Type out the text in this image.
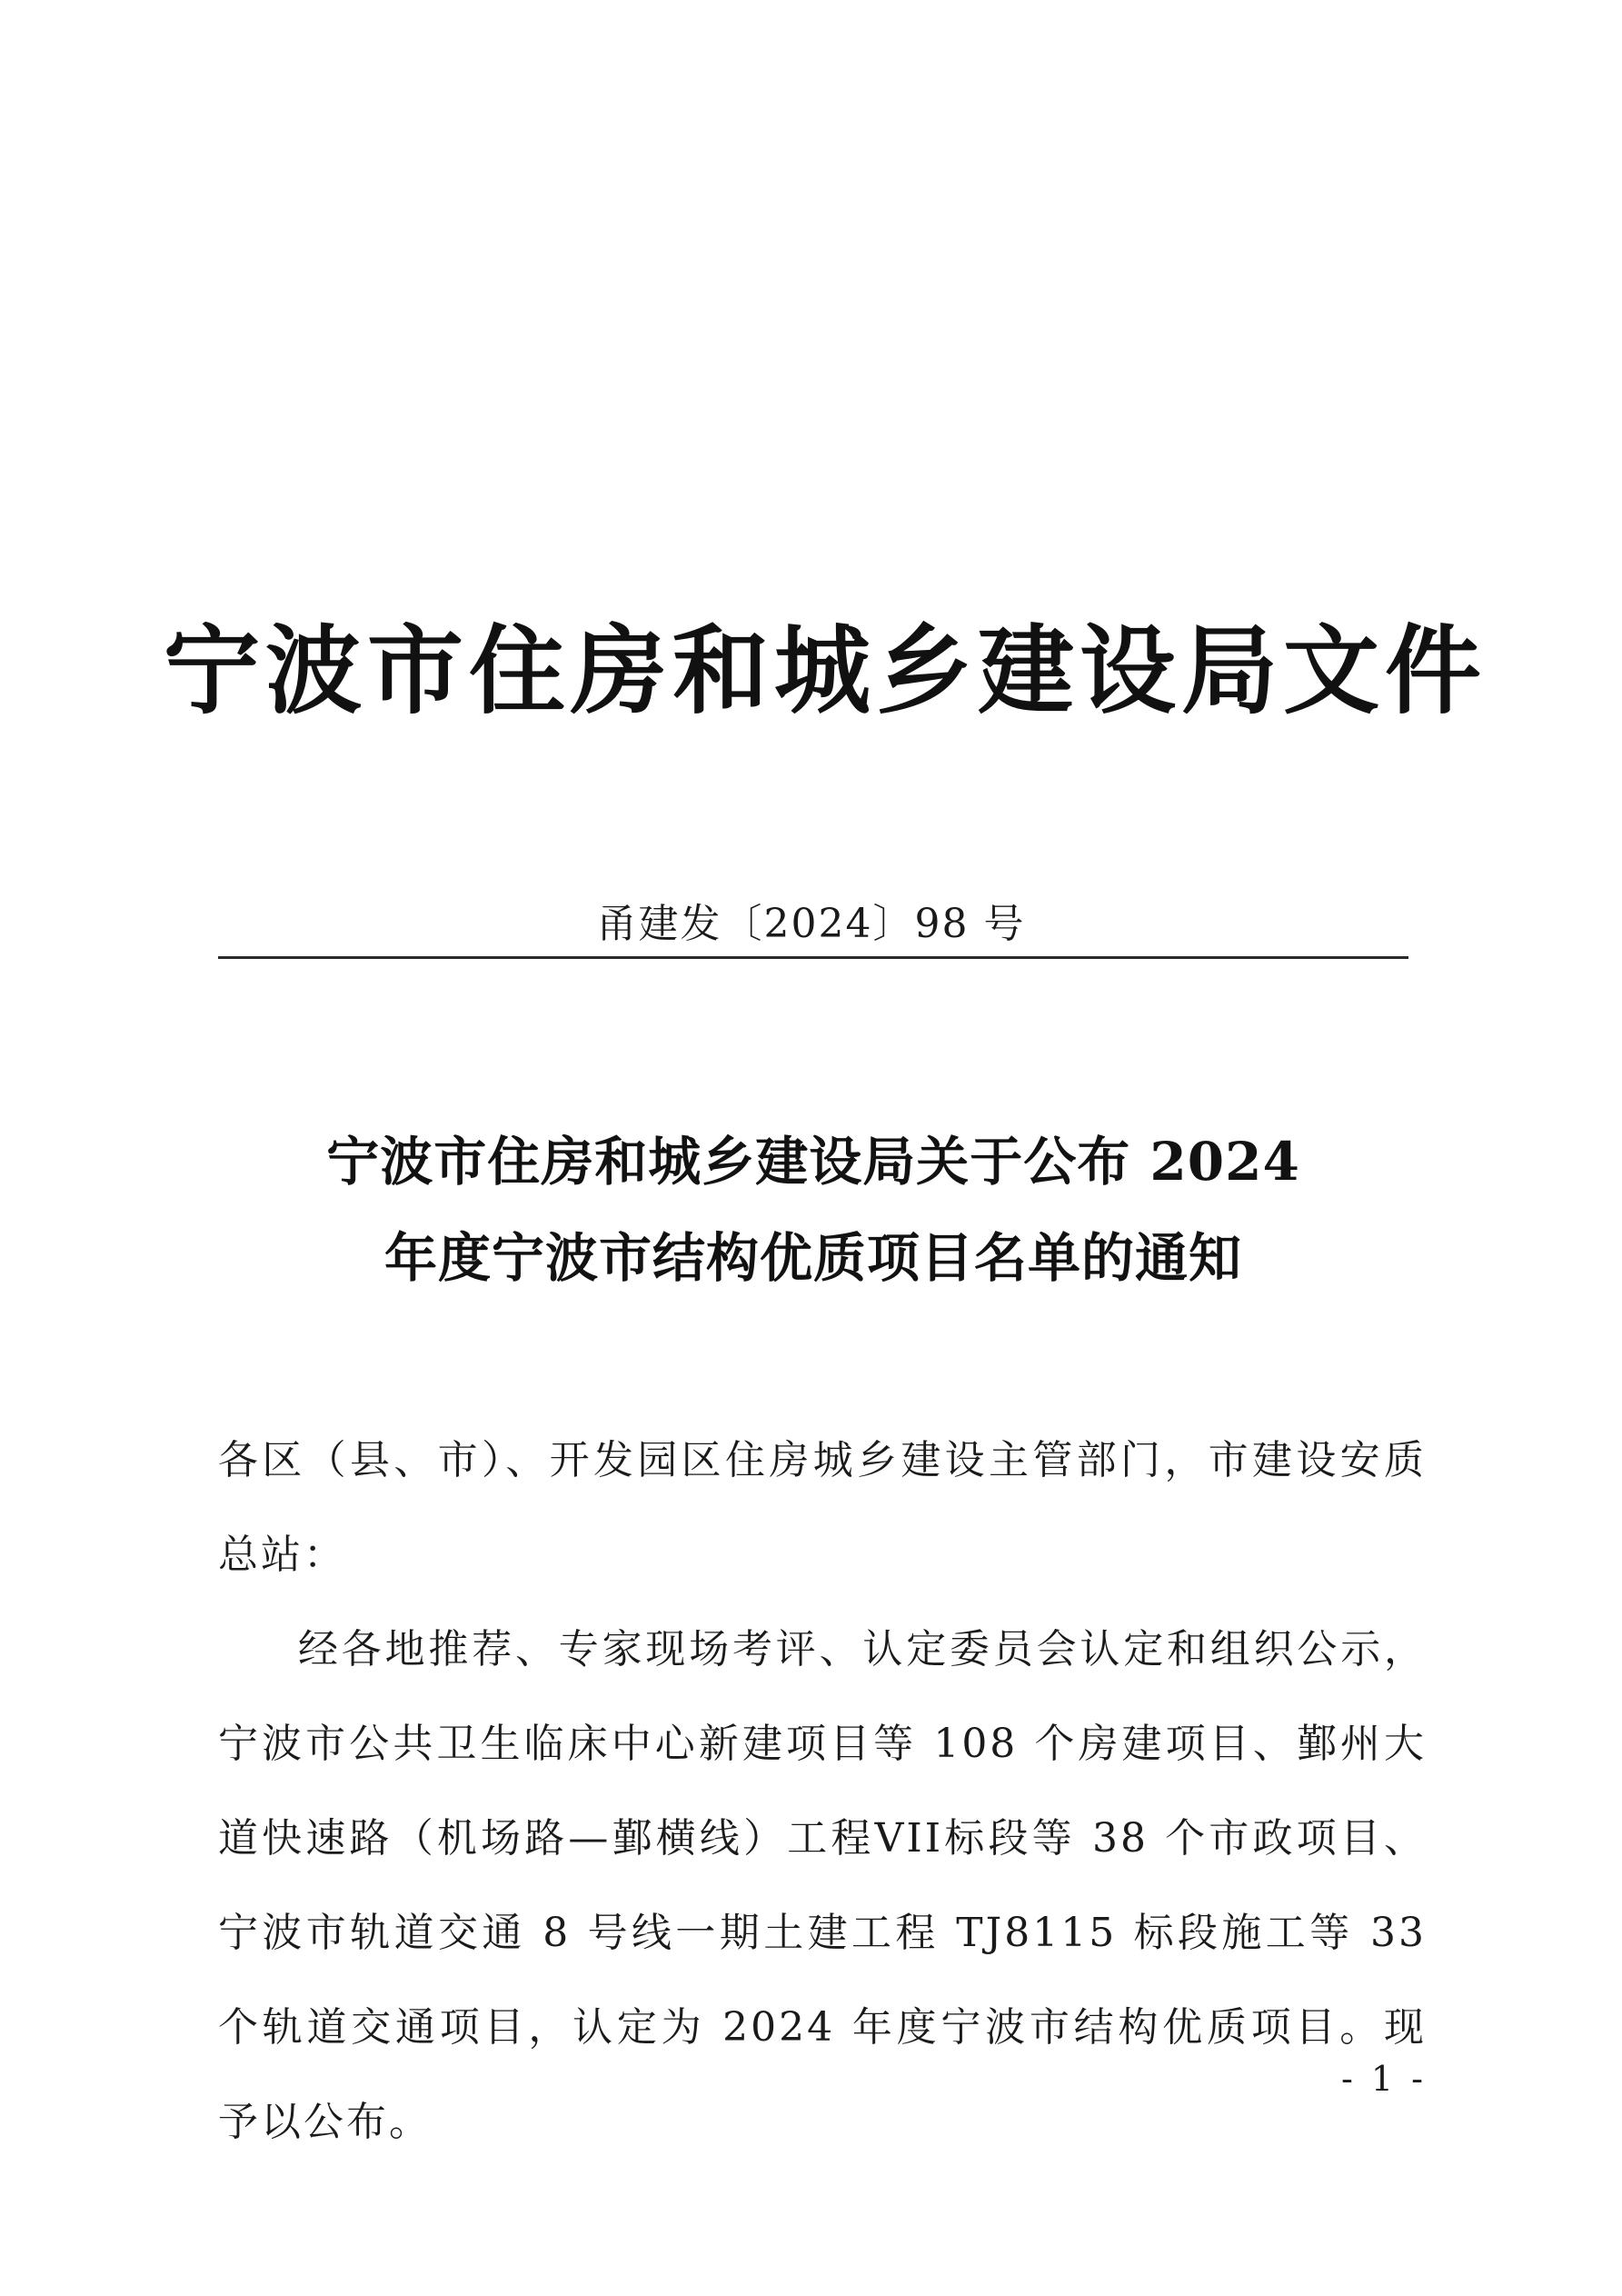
宁波市住房和城乡建设局文件
甬建发〔2024〕98 号
宁波市住房和城乡建设局关于公布 2024
年度宁波市结构优质项目名单的通知

各区（县、市）、开发园区住房城乡建设主管部门，市建设安质总站：

经各地推荐、专家现场考评、认定委员会认定和组织公示，宁波市公共卫生临床中心新建项目等 108 个房建项目、鄞州大道快速路（机场路—鄞横线）工程VII标段等 38 个市政项目、宁波市轨道交通 8 号线一期土建工程 TJ8115 标段施工等 33 个轨道交通项目，认定为 2024 年度宁波市结构优质项目。现予以公布。

- 1 -
